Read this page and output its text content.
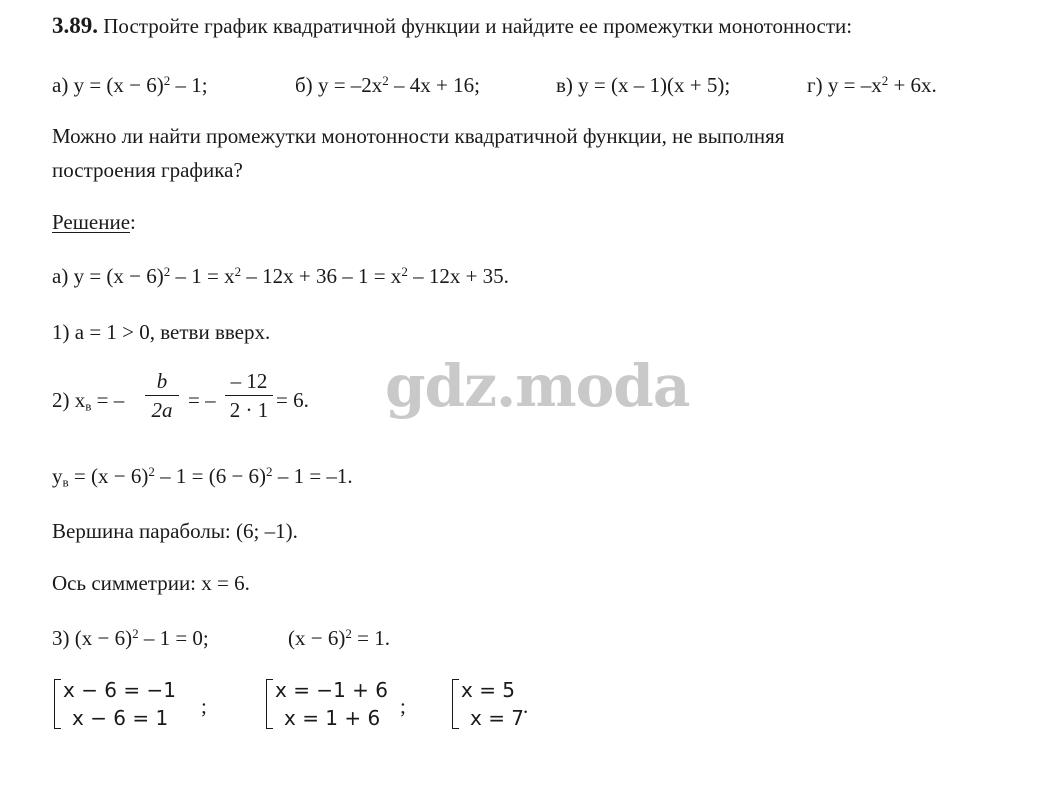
3.89. Постройте график квадратичной функции и найдите ее промежутки монотонности:
а) $y = (x - 6)^2 - 1$;	б) $y = -2x^2 - 4x + 16$;	в) y = (x – 1)(x + 5);	г) $y = -x^2 + 6x$.
Можно ли найти промежутки монотонности квадратичной функции, не выполняя
построения графика?
Решение:
а) $y = (x - 6)^2 - 1 = x^2 - 12x + 36 - 1 = x^2 - 12x + 35$.
1) a = 1 > 0, ветви вверх.
2) $x_в$ = –
b
2a = –
– 12
2 · 1 = 6.
$y_в = (x - 6)^2 - 1 = (6 - 6)^2 - 1 = -1$.
Вершина параболы: (6; –1).
Ось симметрии: x = 6.
3) $(x - 6)^2 - 1 = 0$;	$(x - 6)^2 = 1$.
x − 6 = −1
x − 6 = 1 ;
x = −1 + 6
x = 1 + 6 ;
x = 5
x = 7
.
gdz.moda
